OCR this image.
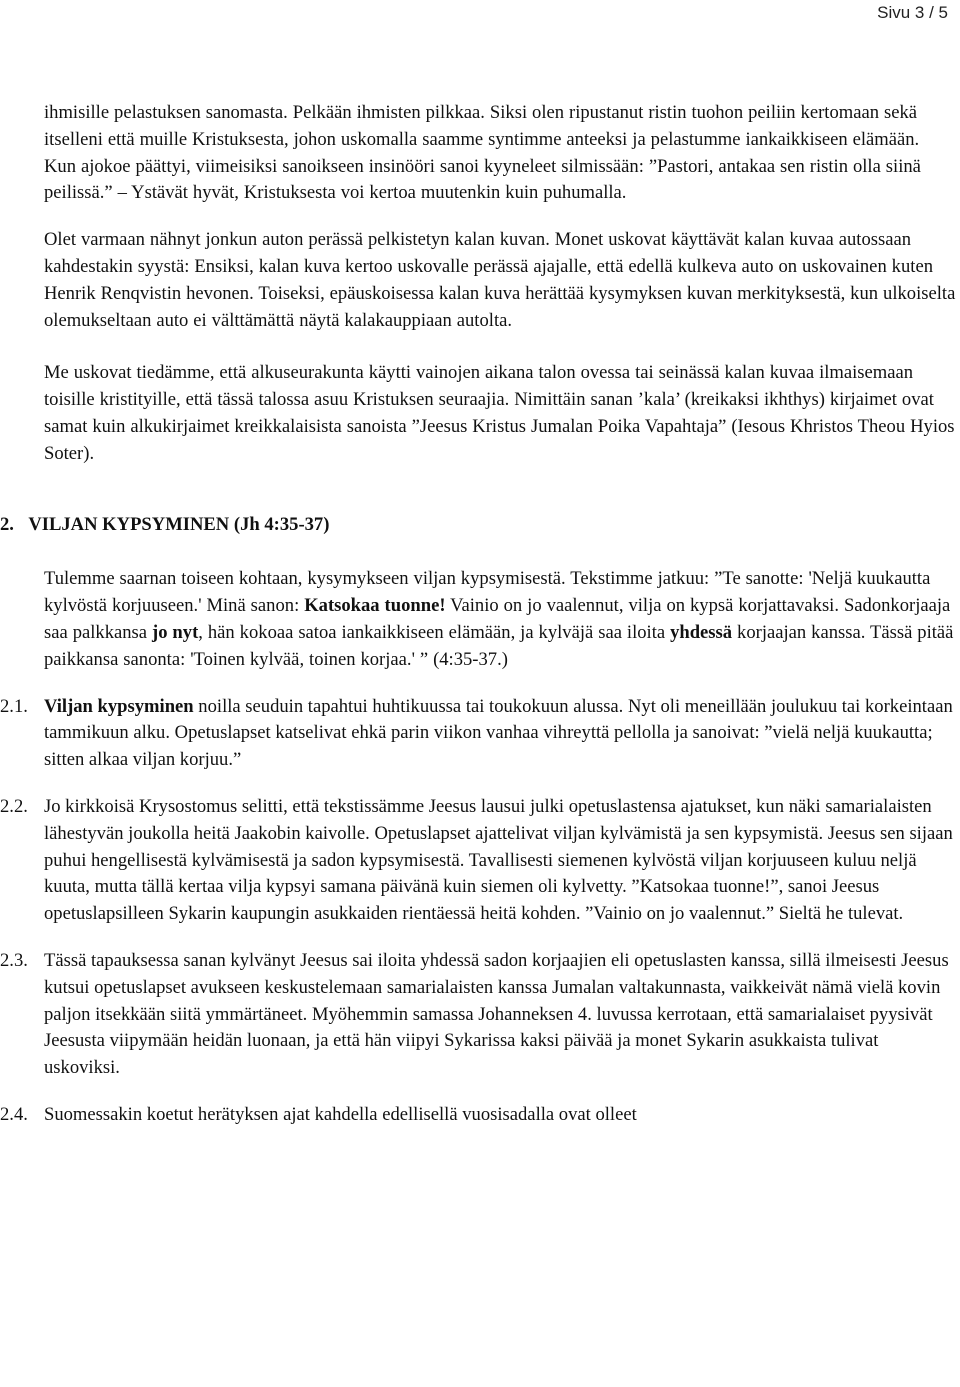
Sivu 3 / 5

ihmisille pelastuksen sanomasta. Pelkään ihmisten pilkkaa. Siksi olen ripustanut ristin tuohon peiliin kertomaan sekä itselleni että muille Kristuksesta, johon uskomalla saamme syntimme anteeksi ja pelastumme iankaikkiseen elämään. Kun ajokoe päättyi, viimeisiksi sanoikseen insinööri sanoi kyyneleet silmissään: ”Pastori, antakaa sen ristin olla siinä peilissä.” – Ystävät hyvät, Kristuksesta voi kertoa muutenkin kuin puhumalla.

Olet varmaan nähnyt jonkun auton perässä pelkistetyn kalan kuvan. Monet uskovat käyttävät kalan kuvaa autossaan kahdestakin syystä: Ensiksi, kalan kuva kertoo uskovalle perässä ajajalle, että edellä kulkeva auto on uskovainen kuten Henrik Renqvistin hevonen. Toiseksi, epäuskoisessa kalan kuva herättää kysymyksen kuvan merkityksestä, kun ulkoiselta olemukseltaan auto ei välttämättä näytä kalakauppiaan autolta.

Me uskovat tiedämme, että alkuseurakunta käytti vainojen aikana talon ovessa tai seinässä kalan kuvaa ilmaisemaan toisille kristityille, että tässä talossa asuu Kristuksen seuraajia. Nimittäin sanan ’kala’ (kreikaksi ikhthys) kirjaimet ovat samat kuin alkukirjaimet kreikkalaisista sanoista ”Jeesus Kristus Jumalan Poika Vapahtaja” (Iesous Khristos Theou Hyios Soter).

2. VILJAN KYPSYMINEN (Jh 4:35-37)

Tulemme saarnan toiseen kohtaan, kysymykseen viljan kypsymisestä. Tekstimme jatkuu: ”Te sanotte: 'Neljä kuukautta kylvöstä korjuuseen.' Minä sanon: Katsokaa tuonne! Vainio on jo vaalennut, vilja on kypsä korjattavaksi. Sadonkorjaaja saa palkkansa jo nyt, hän kokoaa satoa iankaikkiseen elämään, ja kylväjä saa iloita yhdessä korjaajan kanssa. Tässä pitää paikkansa sanonta: 'Toinen kylvää, toinen korjaa.' ” (4:35-37.)

2.1. Viljan kypsyminen noilla seuduin tapahtui huhtikuussa tai toukokuun alussa. Nyt oli meneillään joulukuu tai korkeintaan tammikuun alku. Opetuslapset katselivat ehkä parin viikon vanhaa vihreyttä pellolla ja sanoivat: ”vielä neljä kuukautta; sitten alkaa viljan korjuu.”
2.2. Jo kirkkoisä Krysostomus selitti, että tekstissämme Jeesus lausui julki opetuslastensa ajatukset, kun näki samarialaisten lähestyvän joukolla heitä Jaakobin kaivolle. Opetuslapset ajattelivat viljan kylvämistä ja sen kypsymistä. Jeesus sen sijaan puhui hengellisestä kylvämisestä ja sadon kypsymisestä. Tavallisesti siemenen kylvöstä viljan korjuuseen kuluu neljä kuuta, mutta tällä kertaa vilja kypsyi samana päivänä kuin siemen oli kylvetty. ”Katsokaa tuonne!”, sanoi Jeesus opetuslapsilleen Sykarin kaupungin asukkaiden rientäessä heitä kohden. ”Vainio on jo vaalennut.” Sieltä he tulevat.
2.3. Tässä tapauksessa sanan kylvänyt Jeesus sai iloita yhdessä sadon korjaajien eli opetuslasten kanssa, sillä ilmeisesti Jeesus kutsui opetuslapset avukseen keskustelemaan samarialaisten kanssa Jumalan valtakunnasta, vaikkeivät nämä vielä kovin paljon itsekkään siitä ymmärtäneet. Myöhemmin samassa Johanneksen 4. luvussa kerrotaan, että samarialaiset pyysivät Jeesusta viipymään heidän luonaan, ja että hän viipyi Sykarissa kaksi päivää ja monet Sykarin asukkaista tulivat uskoviksi.
2.4. Suomessakin koetut herätyksen ajat kahdella edellisellä vuosisadalla ovat olleet
